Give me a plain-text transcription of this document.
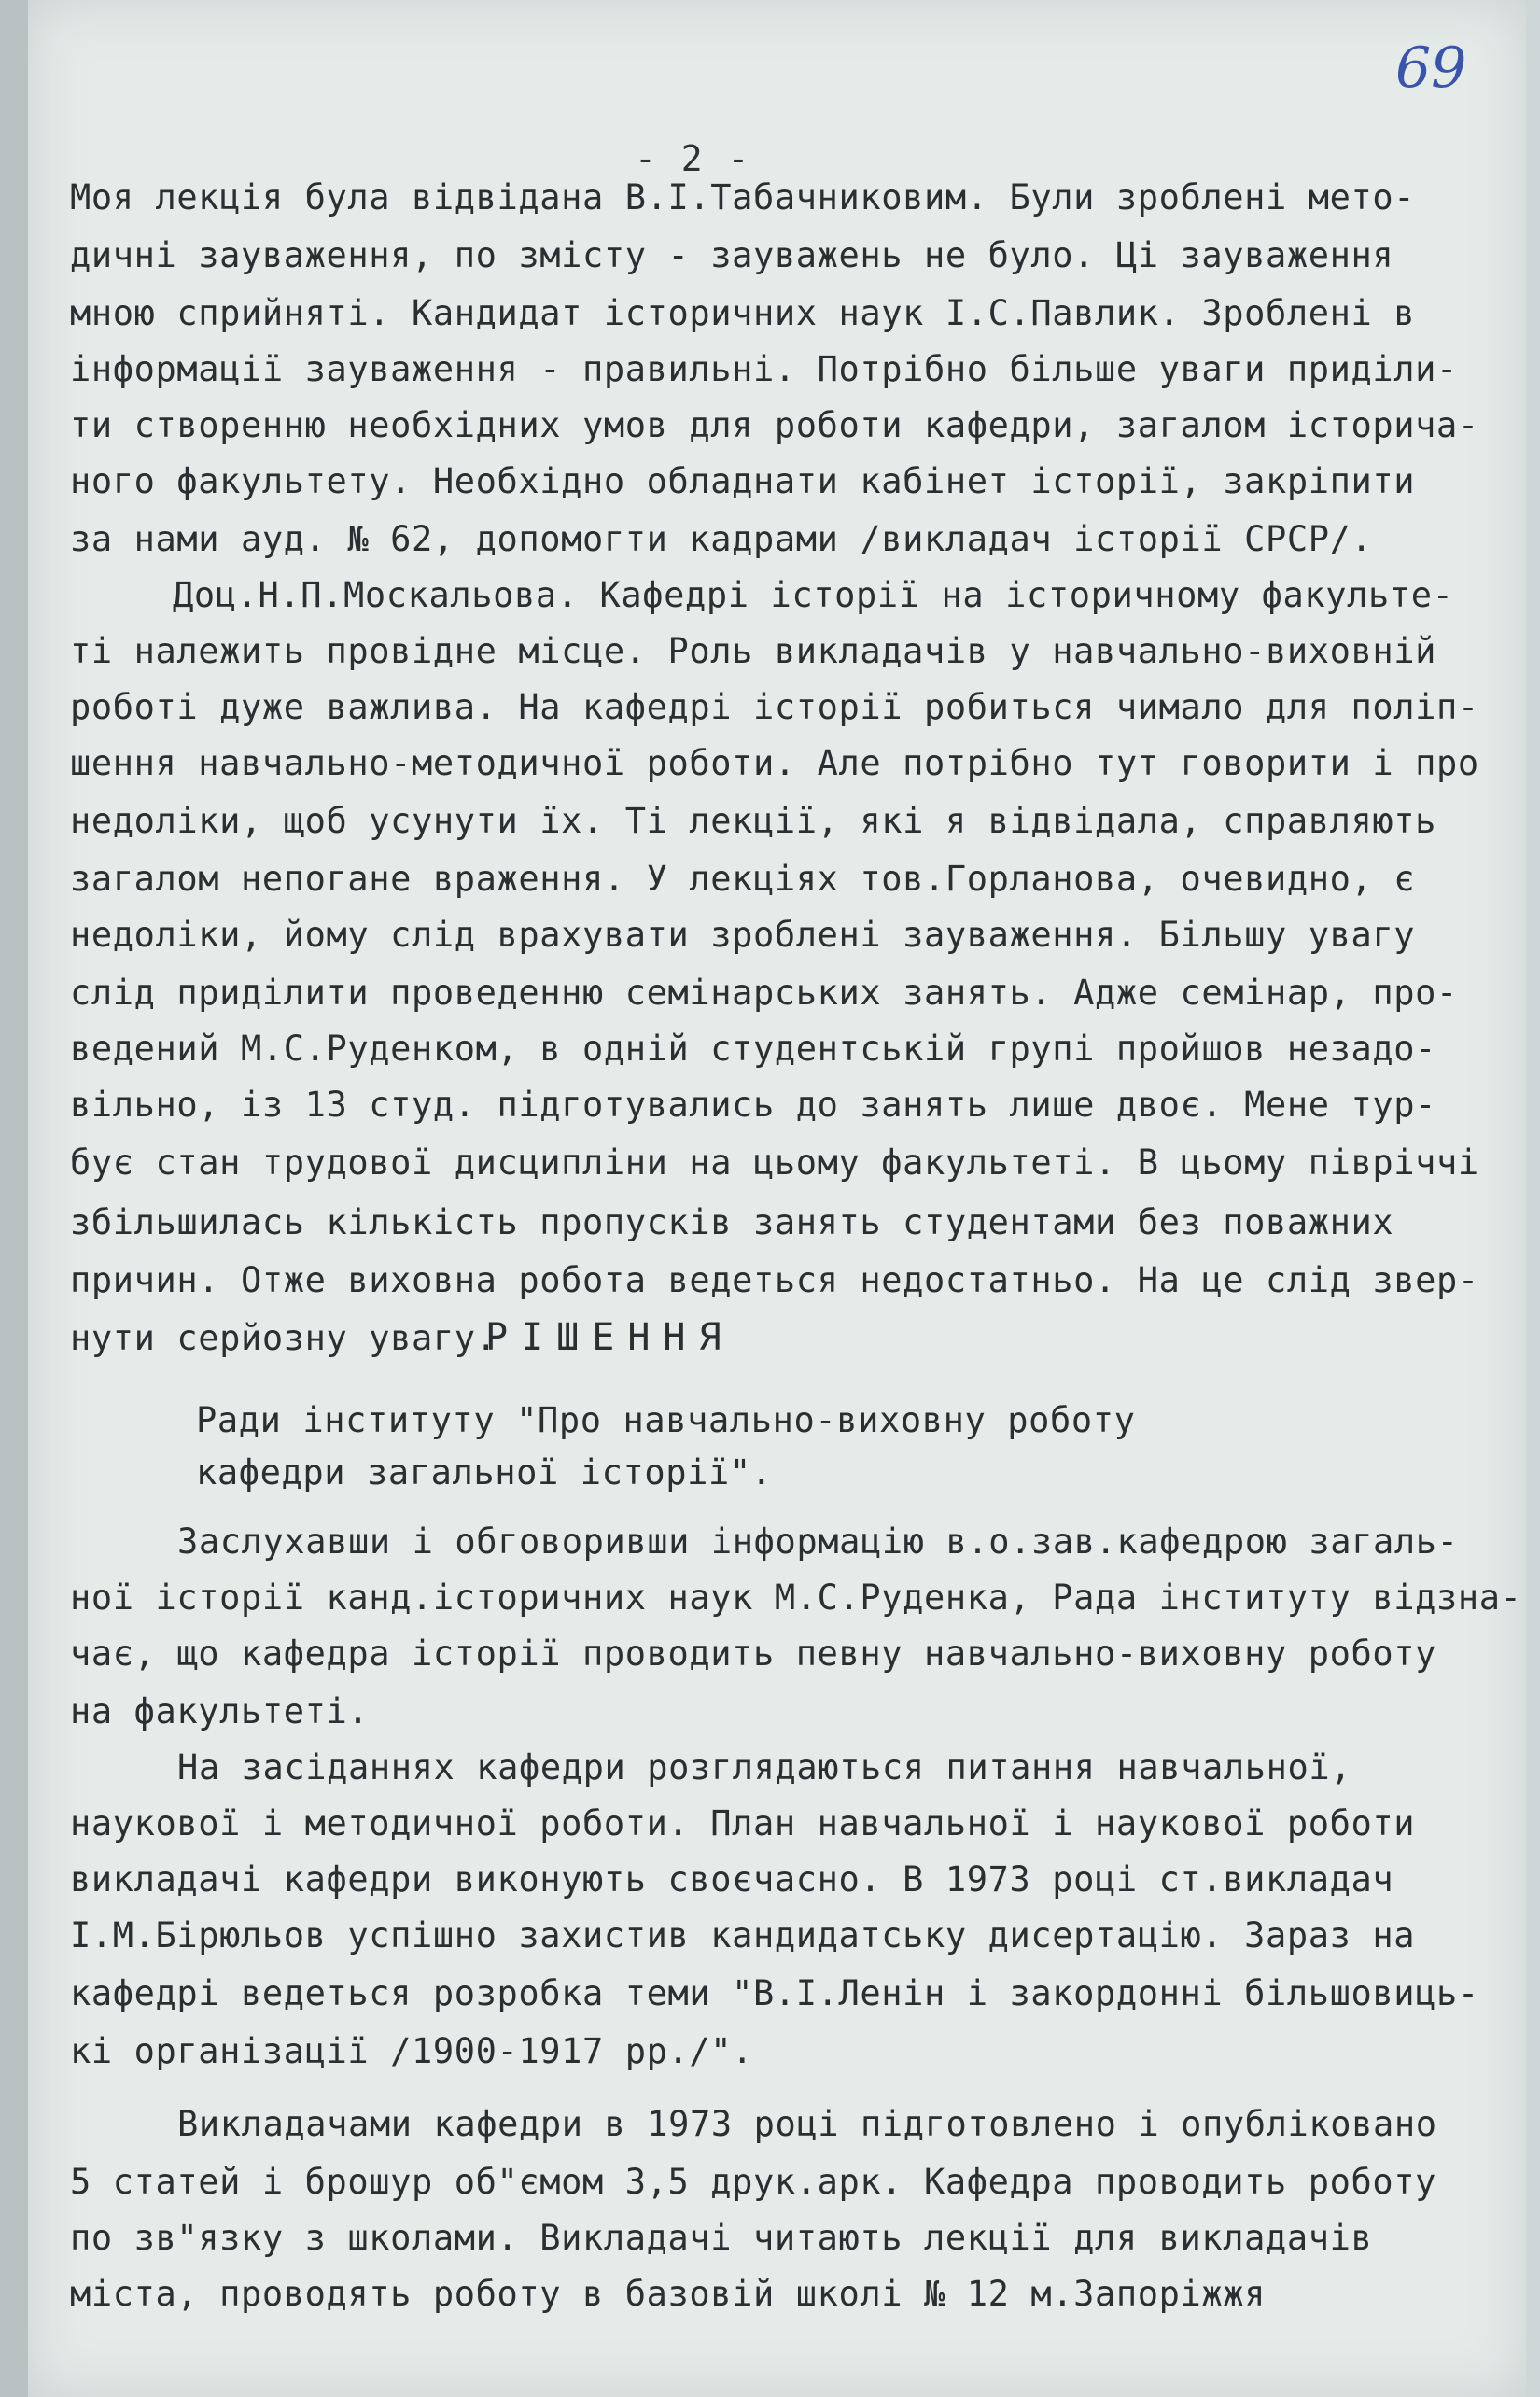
69
- 2 -
Моя лекція була відвідана В.І.Табачниковим. Були зроблені мето-
дичні зауваження, по змісту - зауважень не було. Ці зауваження
мною сприйняті. Кандидат історичних наук І.С.Павлик. Зроблені в
інформації зауваження - правильні. Потрібно більше уваги приділи-
ти створенню необхідних умов для роботи кафедри, загалом історича-
ного факультету. Необхідно обладнати кабінет історії, закріпити
за нами ауд. № 62, допомогти кадрами /викладач історії СРСР/.
Доц.Н.П.Москальова. Кафедрі історії на історичному факульте-
ті належить провідне місце. Роль викладачів у навчально-виховній
роботі дуже важлива. На кафедрі історії робиться чимало для поліп-
шення навчально-методичної роботи. Але потрібно тут говорити і про
недоліки, щоб усунути їх. Ті лекції, які я відвідала, справляють
загалом непогане враження. У лекціях тов.Горланова, очевидно, є
недоліки, йому слід врахувати зроблені зауваження. Більшу увагу
слід приділити проведенню семінарських занять. Адже семінар, про-
ведений М.С.Руденком, в одній студентській групі пройшов незадо-
вільно, із 13 студ. підготувались до занять лише двоє. Мене тур-
бує стан трудової дисципліни на цьому факультеті. В цьому півріччі
збільшилась кількість пропусків занять студентами без поважних
причин. Отже виховна робота ведеться недостатньо. На це слід звер-
нути серйозну увагу.
РІШЕННЯ
Ради інституту "Про навчально-виховну роботу
кафедри загальної історії".
Заслухавши і обговоривши інформацію в.о.зав.кафедрою загаль-
ної історії канд.історичних наук М.С.Руденка, Рада інституту відзна-
чає, що кафедра історії проводить певну навчально-виховну роботу
на факультеті.
На засіданнях кафедри розглядаються питання навчальної,
наукової і методичної роботи. План навчальної і наукової роботи
викладачі кафедри виконують своєчасно. В 1973 році ст.викладач
І.М.Бірюльов успішно захистив кандидатську дисертацію. Зараз на
кафедрі ведеться розробка теми "В.І.Ленін і закордонні більшовиць-
кі організації /1900-1917 рр./".
Викладачами кафедри в 1973 році підготовлено і опубліковано
5 статей і брошур об"ємом 3,5 друк.арк. Кафедра проводить роботу
по зв"язку з школами. Викладачі читають лекції для викладачів
міста, проводять роботу в базовій школі № 12 м.Запоріжжя
